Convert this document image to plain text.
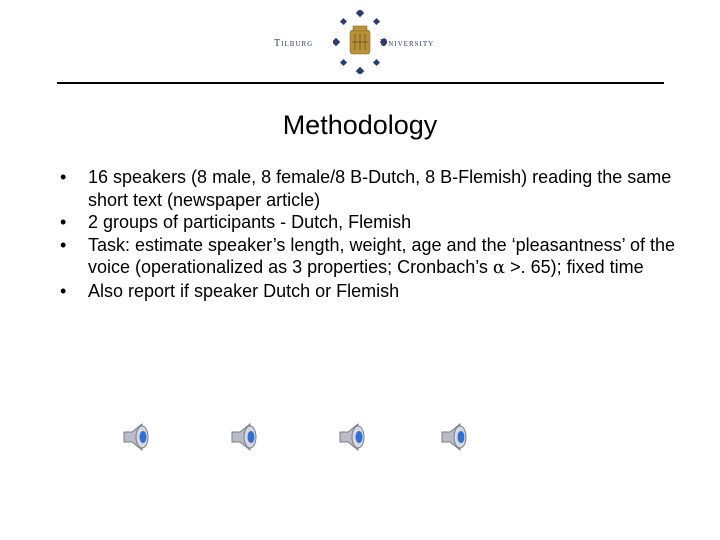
Tilburg	University
Methodology
• 16 speakers (8 male, 8 female/8 B-Dutch, 8 B-Flemish) reading the same short text (newspaper article)
• 2 groups of participants - Dutch, Flemish
• Task: estimate speaker’s length, weight, age and the ‘pleasantness’ of the voice (operationalized as 3 properties; Cronbach’s α >. 65); fixed time
• Also report if speaker Dutch or Flemish
